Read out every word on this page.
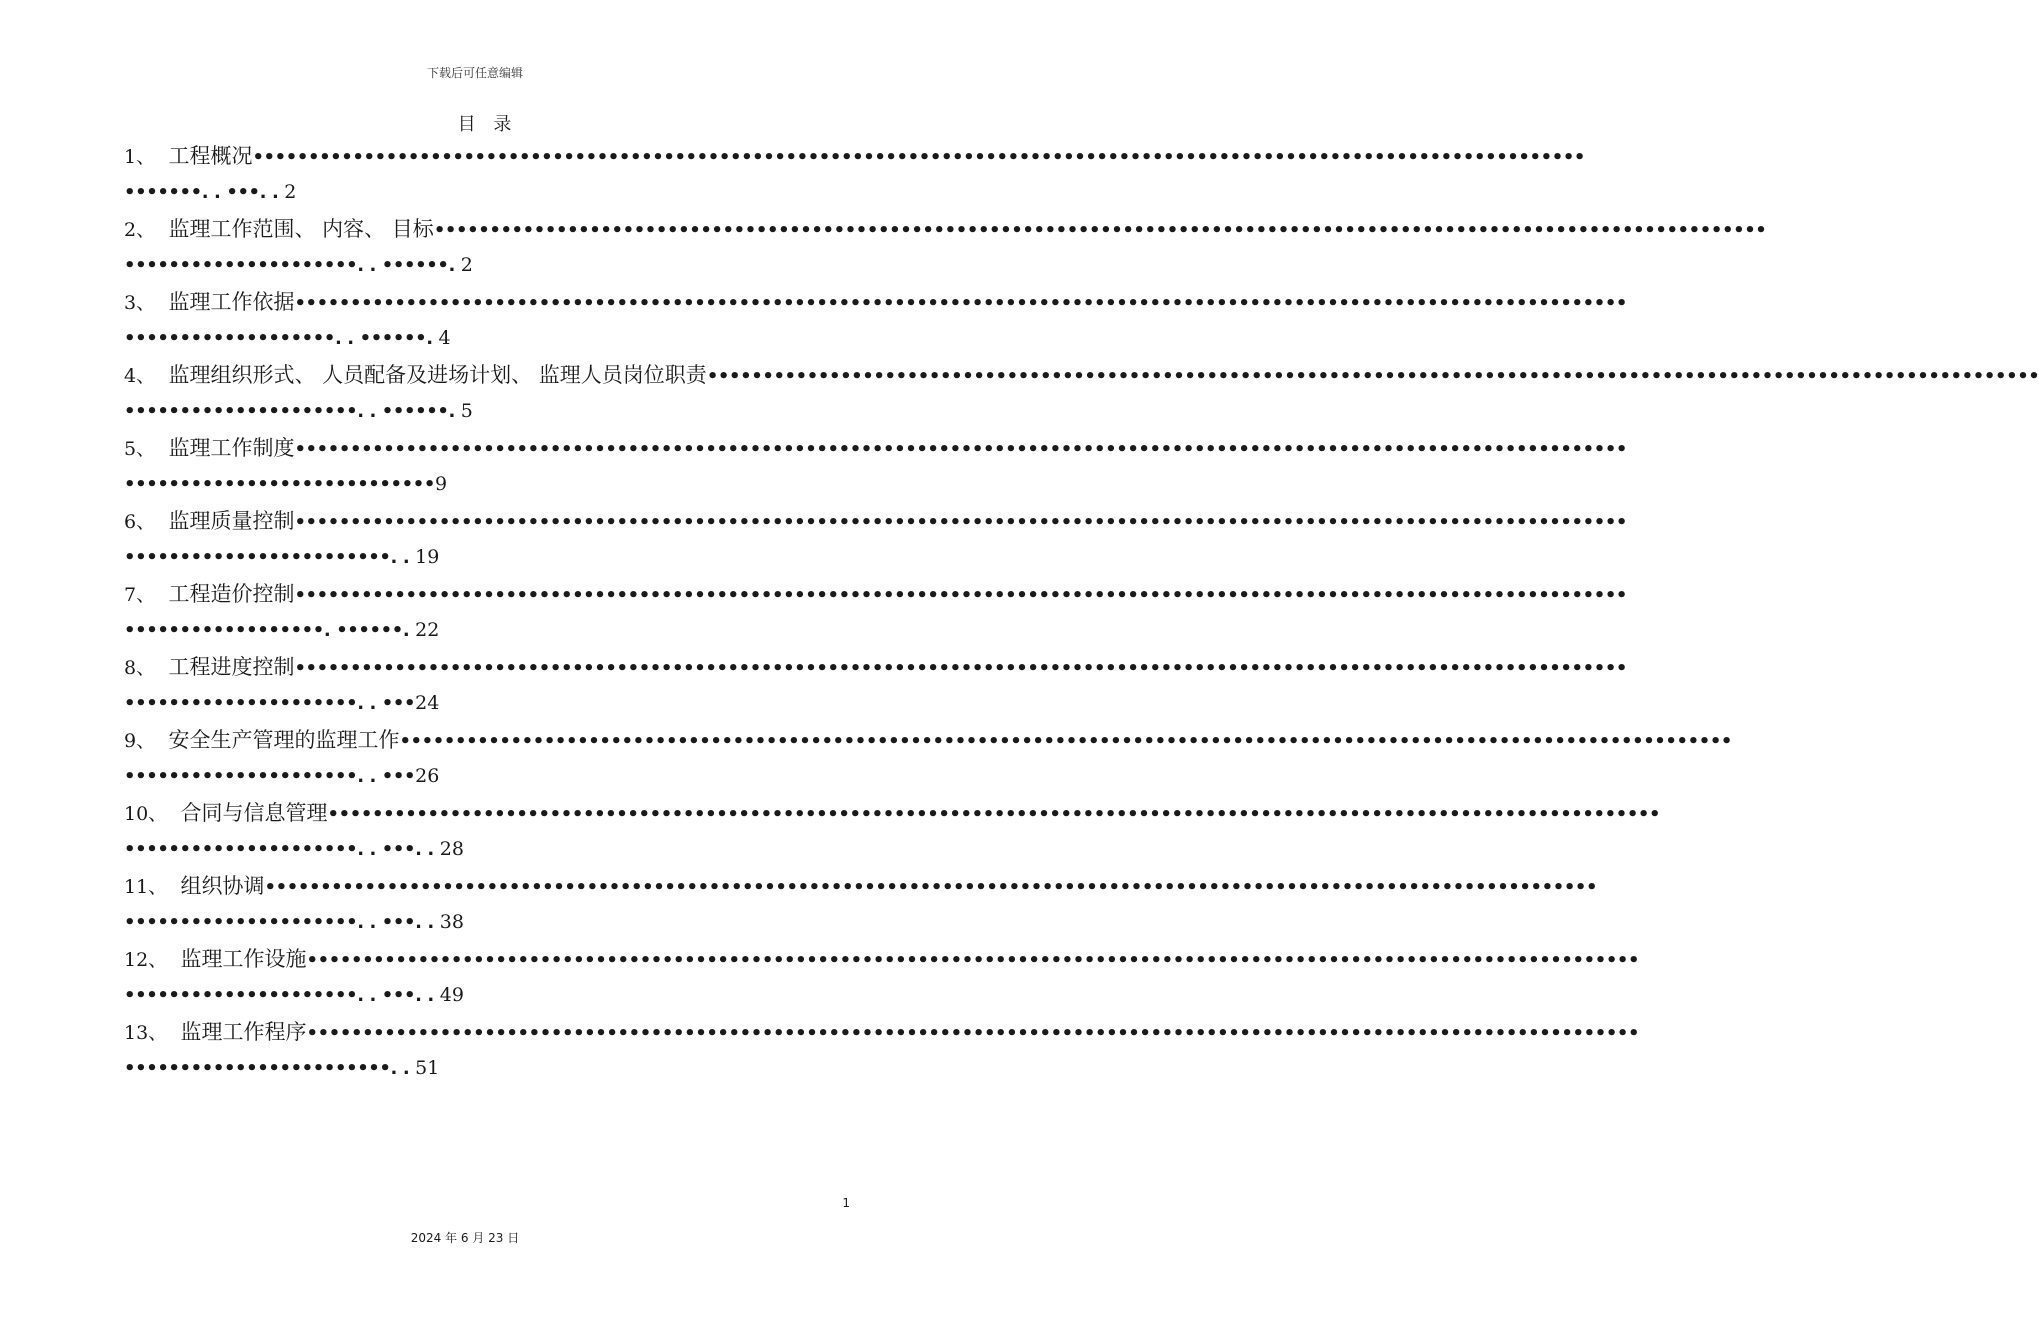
下载后可任意编辑
目 录
1、 工程概况••••••••••••••••••••••••••••••••••••••••••••••••••••••••••••••••••••••••••••••••••••••••••••••••••••••••••••••••••••••••
•••••••. . •••. . 2
2、 监理工作范围、 内容、 目标••••••••••••••••••••••••••••••••••••••••••••••••••••••••••••••••••••••••••••••••••••••••••••••••••••••••••••••••••••••••
•••••••••••••••••••••. . ••••••. 2
3、 监理工作依据••••••••••••••••••••••••••••••••••••••••••••••••••••••••••••••••••••••••••••••••••••••••••••••••••••••••••••••••••••••••
•••••••••••••••••••. . ••••••. 4
4、 监理组织形式、 人员配备及进场计划、 监理人员岗位职责••••••••••••••••••••••••••••••••••••••••••••••••••••••••••••••••••••••••••••••••••••••••••••••••••••••••••••••••••••••••
•••••••••••••••••••••. . ••••••. 5
5、 监理工作制度••••••••••••••••••••••••••••••••••••••••••••••••••••••••••••••••••••••••••••••••••••••••••••••••••••••••••••••••••••••••
••••••••••••••••••••••••••••9
6、 监理质量控制••••••••••••••••••••••••••••••••••••••••••••••••••••••••••••••••••••••••••••••••••••••••••••••••••••••••••••••••••••••••
••••••••••••••••••••••••. . 19
7、 工程造价控制••••••••••••••••••••••••••••••••••••••••••••••••••••••••••••••••••••••••••••••••••••••••••••••••••••••••••••••••••••••••
••••••••••••••••••. ••••••. 22
8、 工程进度控制••••••••••••••••••••••••••••••••••••••••••••••••••••••••••••••••••••••••••••••••••••••••••••••••••••••••••••••••••••••••
•••••••••••••••••••••. . •••24
9、 安全生产管理的监理工作••••••••••••••••••••••••••••••••••••••••••••••••••••••••••••••••••••••••••••••••••••••••••••••••••••••••••••••••••••••••
•••••••••••••••••••••. . •••26
10、 合同与信息管理••••••••••••••••••••••••••••••••••••••••••••••••••••••••••••••••••••••••••••••••••••••••••••••••••••••••••••••••••••••••
•••••••••••••••••••••. . •••. . 28
11、 组织协调••••••••••••••••••••••••••••••••••••••••••••••••••••••••••••••••••••••••••••••••••••••••••••••••••••••••••••••••••••••••
•••••••••••••••••••••. . •••. . 38
12、 监理工作设施••••••••••••••••••••••••••••••••••••••••••••••••••••••••••••••••••••••••••••••••••••••••••••••••••••••••••••••••••••••••
•••••••••••••••••••••. . •••. . 49
13、 监理工作程序••••••••••••••••••••••••••••••••••••••••••••••••••••••••••••••••••••••••••••••••••••••••••••••••••••••••••••••••••••••••
••••••••••••••••••••••••. . 51
1
2024 年 6 月 23 日
